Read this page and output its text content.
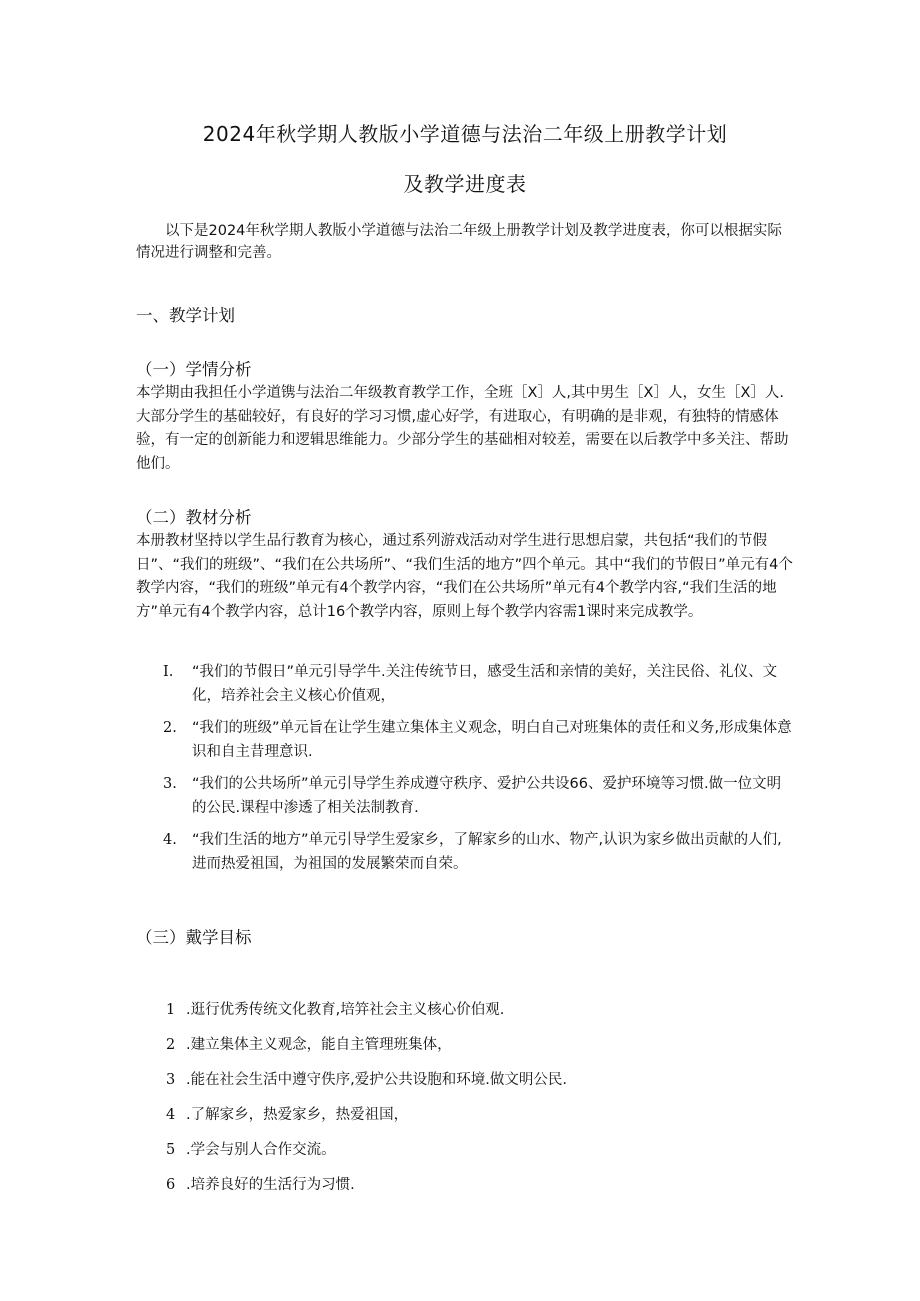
2024年秋学期人教版小学道德与法治二年级上册教学计划
及教学进度表

以下是2024年秋学期人教版小学道德与法治二年级上册教学计划及教学进度表，你可以根据实际情况进行调整和完善。

一、教学计划
（一）学情分析

本学期由我担任小学道镌与法治二年级教育教学工作，全班［X］人,其中男生［X］人，女生［X］人.大部分学生的基础较好，有良好的学习习惯,虚心好学，有进取心，有明确的是非观，有独特的情感体验，有一定的创新能力和逻辑思维能力。少部分学生的基础相对较差，需要在以后教学中多关注、帮助他们。

（二）教材分析

本册教材坚持以学生品行教育为核心，通过系列游戏活动对学生进行思想启蒙，共包括“我们的节假日”、“我们的班级”、“我们在公共场所”、“我们生活的地方”四个单元。其中“我们的节假日”单元有4个教学内容，“我们的班级”单元有4个教学内容，“我们在公共场所”单元有4个教学内容,“我们生活的地方”单元有4个教学内容，总计16个教学内容，原则上每个教学内容需1课时来完成教学。

I.	“我们的节假日”单元引导学牛.关注传统节日，感受生活和亲情的美好，关注民俗、礼仪、文化，培养社会主义核心价值观，
2.	“我们的班级”单元旨在让学生建立集体主义观念，明白自己对班集体的责任和义务,形成集体意识和自主昔理意识.
3.	“我们的公共场所”单元引导学生养成遵守秩序、爱护公共设66、爱护环境等习惯.做一位文明的公民.课程中渗透了相关法制教育.
4.	“我们生活的地方”单元引导学生爱家乡，了解家乡的山水、物产,认识为家乡做出贡献的人们,进而热爱祖国，为祖国的发展繁荣而自荣。
（三）戴学目标
1 .逛行优秀传统文化教育,培笄社会主义核心价伯观.
2 .建立集体主义观念，能自主管理班集体，
3 .能在社会生活中遵守佚序,爱护公共设胞和环境.做文明公民.
4 .了解家乡，热爱家乡，热爱祖国，
5 .学会与别人合作交流。
6 .培养良好的生活行为习惯.
